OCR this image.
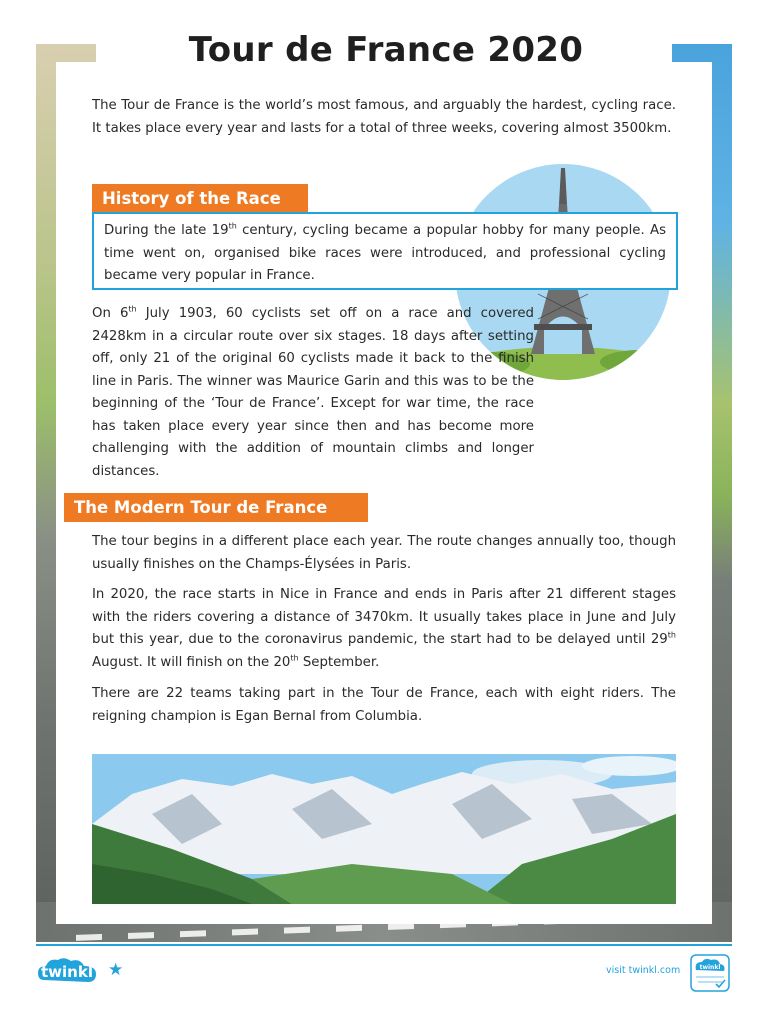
Tour de France 2020

The Tour de France is the world’s most famous, and arguably the hardest, cycling race. It takes place every year and lasts for a total of three weeks, covering almost 3500km.

History of the Race

During the late 19th century, cycling became a popular hobby for many people. As time went on, organised bike races were introduced, and professional cycling became very popular in France.

On 6th July 1903, 60 cyclists set off on a race and covered 2428km in a circular route over six stages. 18 days after setting off, only 21 of the original 60 cyclists made it back to the finish line in Paris. The winner was Maurice Garin and this was to be the beginning of the ‘Tour de France’. Except for war time, the race has taken place every year since then and has become more challenging with the addition of mountain climbs and longer distances.

The Modern Tour de France

The tour begins in a different place each year. The route changes annually too, though usually finishes on the Champs-Élysées in Paris.

In 2020, the race starts in Nice in France and ends in Paris after 21 different stages with the riders covering a distance of 3470km. It usually takes place in June and July but this year, due to the coronavirus pandemic, the start had to be delayed until 29th August. It will finish on the 20th September.

There are 22 teams taking part in the Tour de France, each with eight riders. The reigning champion is Egan Bernal from Columbia.

twinkl ★	visit twinkl.com	twinkl
